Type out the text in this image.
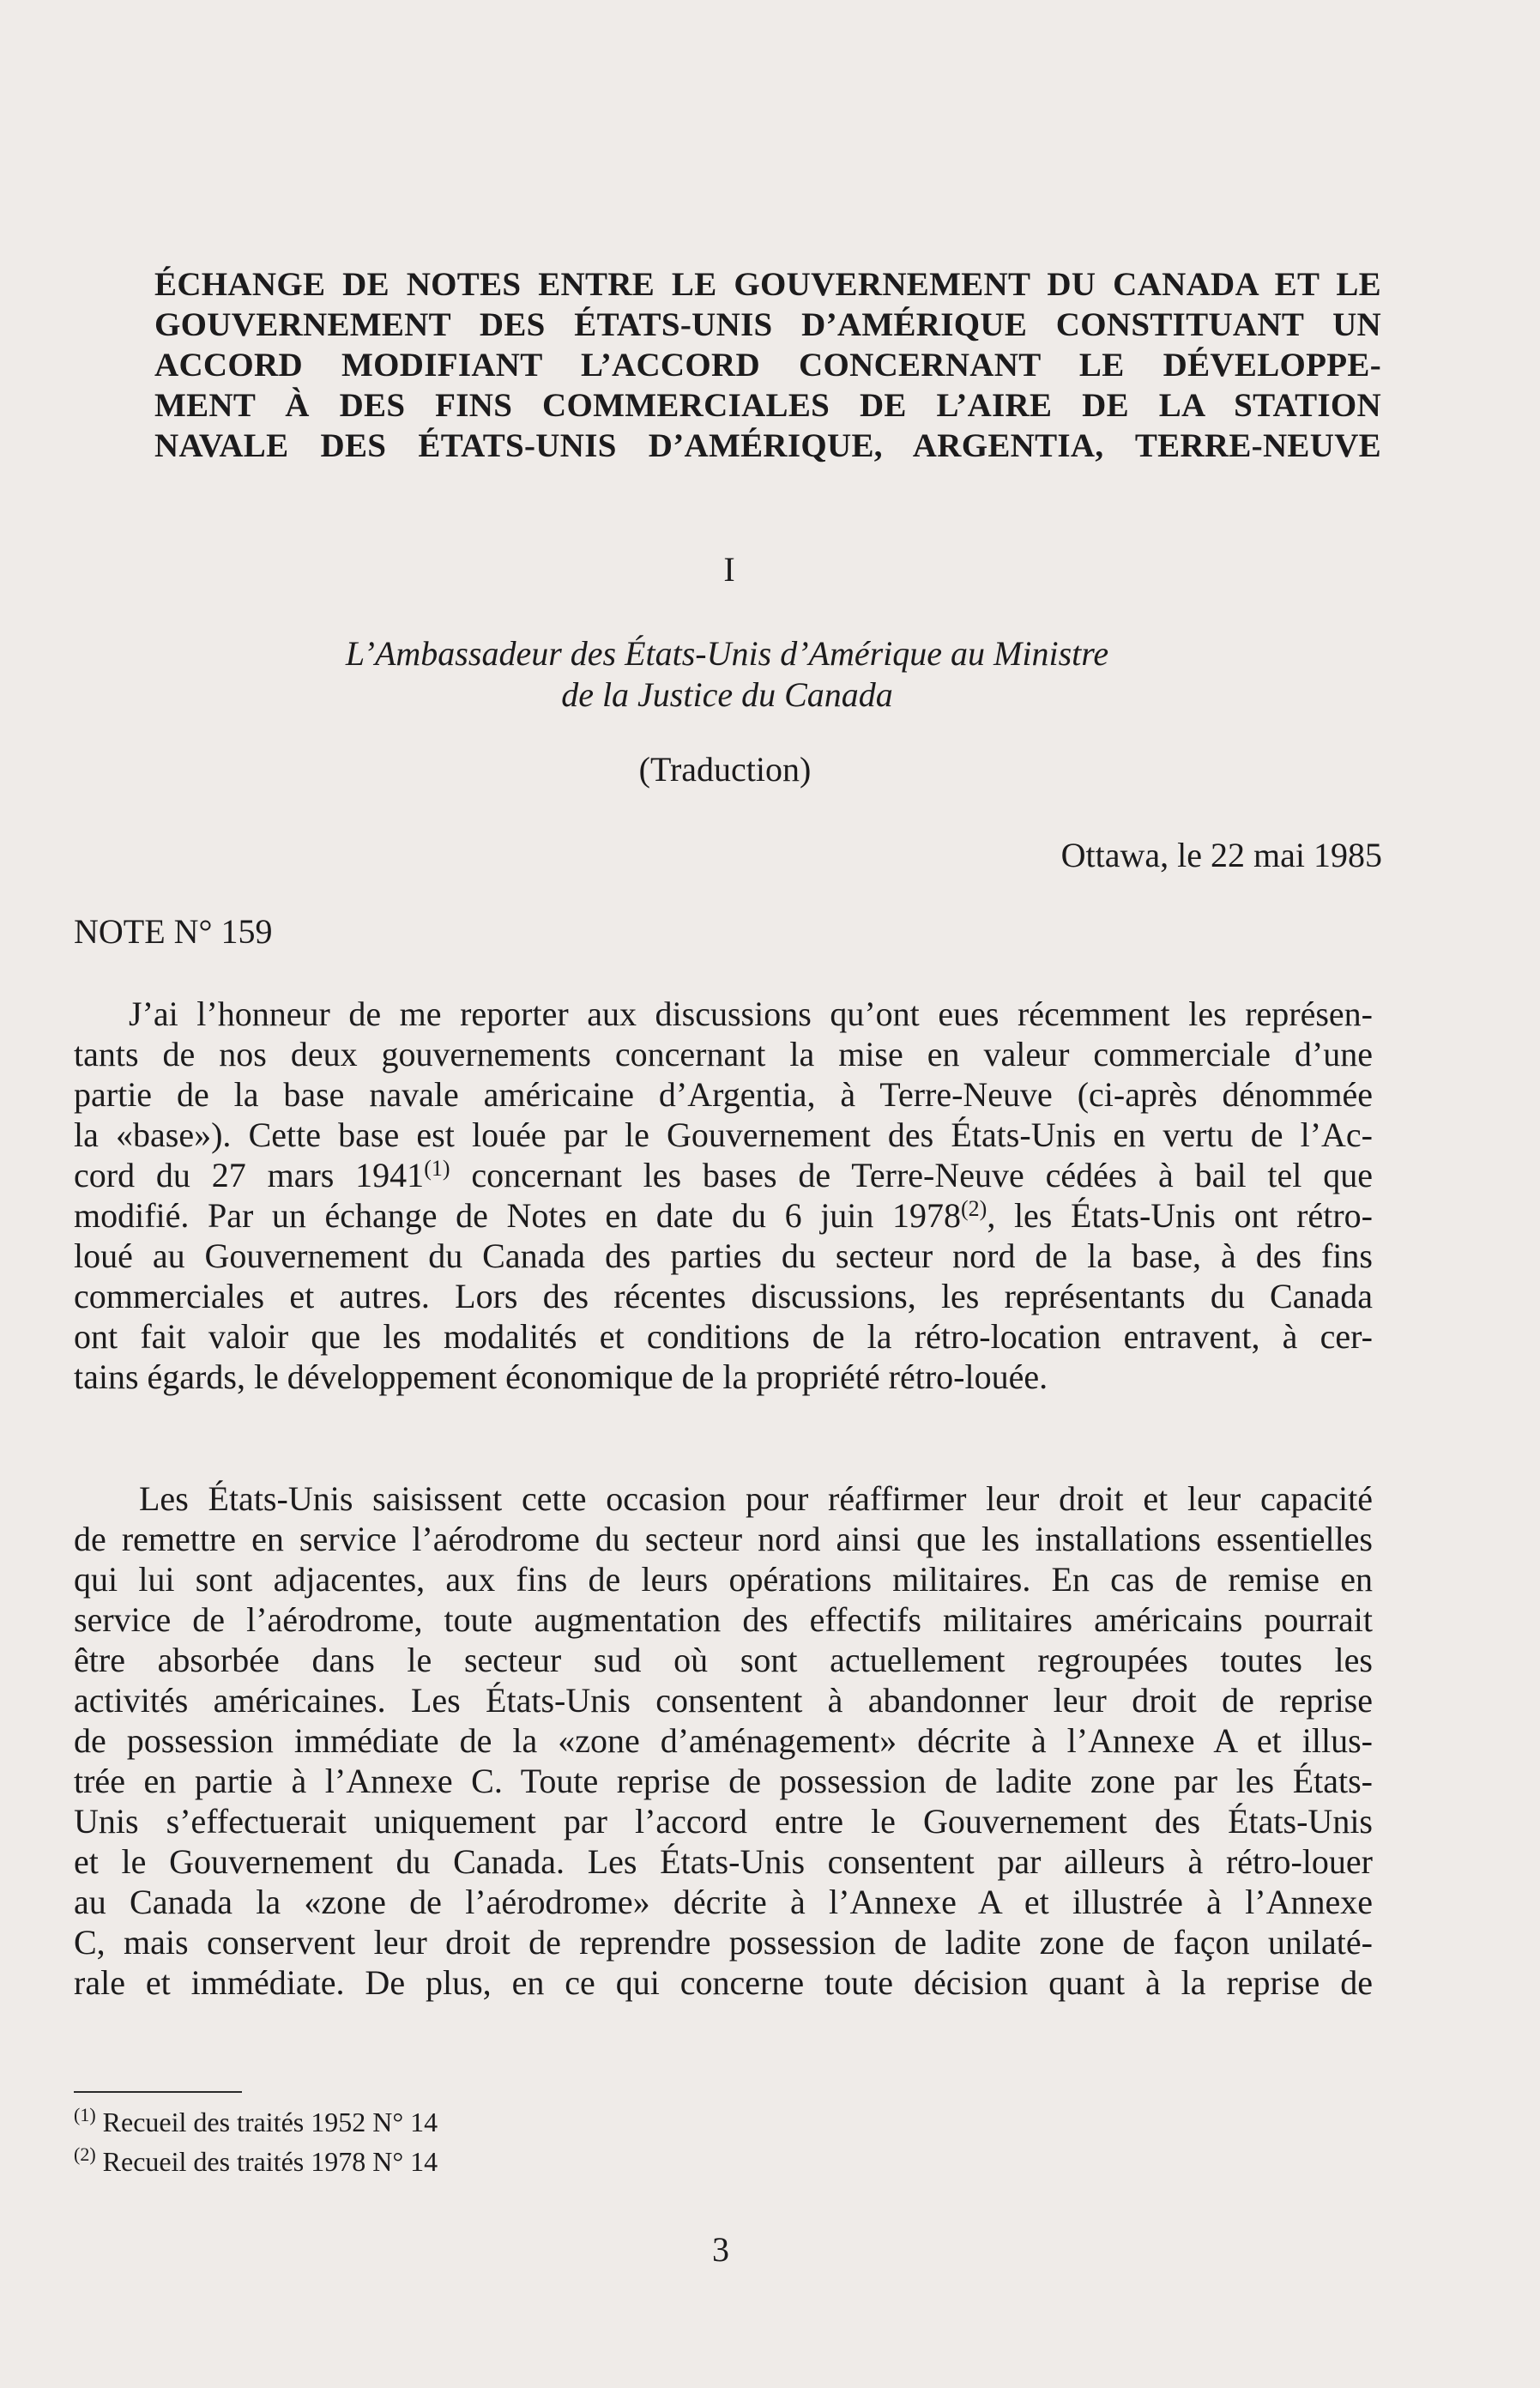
ÉCHANGE DE NOTES ENTRE LE GOUVERNEMENT DU CANADA ET LE
GOUVERNEMENT DES ÉTATS-UNIS D’AMÉRIQUE CONSTITUANT UN
ACCORD MODIFIANT L’ACCORD CONCERNANT LE DÉVELOPPE-
MENT À DES FINS COMMERCIALES DE L’AIRE DE LA STATION
NAVALE DES ÉTATS-UNIS D’AMÉRIQUE, ARGENTIA, TERRE-NEUVE
I
L’Ambassadeur des États-Unis d’Amérique au Ministre
de la Justice du Canada
(Traduction)
Ottawa, le 22 mai 1985
NOTE N° 159
J’ai l’honneur de me reporter aux discussions qu’ont eues récemment les représen-
tants de nos deux gouvernements concernant la mise en valeur commerciale d’une
partie de la base navale américaine d’Argentia, à Terre-Neuve (ci-après dénommée
la «base»). Cette base est louée par le Gouvernement des États-Unis en vertu de l’Ac-
cord du 27 mars 1941$^{(1)}$ concernant les bases de Terre-Neuve cédées à bail tel que
modifié. Par un échange de Notes en date du 6 juin 1978$^{(2)}$, les États-Unis ont rétro-
loué au Gouvernement du Canada des parties du secteur nord de la base, à des fins
commerciales et autres. Lors des récentes discussions, les représentants du Canada
ont fait valoir que les modalités et conditions de la rétro-location entravent, à cer-
tains égards, le développement économique de la propriété rétro-louée.
Les États-Unis saisissent cette occasion pour réaffirmer leur droit et leur capacité
de remettre en service l’aérodrome du secteur nord ainsi que les installations essentielles
qui lui sont adjacentes, aux fins de leurs opérations militaires. En cas de remise en
service de l’aérodrome, toute augmentation des effectifs militaires américains pourrait
être absorbée dans le secteur sud où sont actuellement regroupées toutes les
activités américaines. Les États-Unis consentent à abandonner leur droit de reprise
de possession immédiate de la «zone d’aménagement» décrite à l’Annexe A et illus-
trée en partie à l’Annexe C. Toute reprise de possession de ladite zone par les États-
Unis s’effectuerait uniquement par l’accord entre le Gouvernement des États-Unis
et le Gouvernement du Canada. Les États-Unis consentent par ailleurs à rétro-louer
au Canada la «zone de l’aérodrome» décrite à l’Annexe A et illustrée à l’Annexe
C, mais conservent leur droit de reprendre possession de ladite zone de façon unilaté-
rale et immédiate. De plus, en ce qui concerne toute décision quant à la reprise de
$^{(1)}$ Recueil des traités 1952 N° 14
$^{(2)}$ Recueil des traités 1978 N° 14
3
